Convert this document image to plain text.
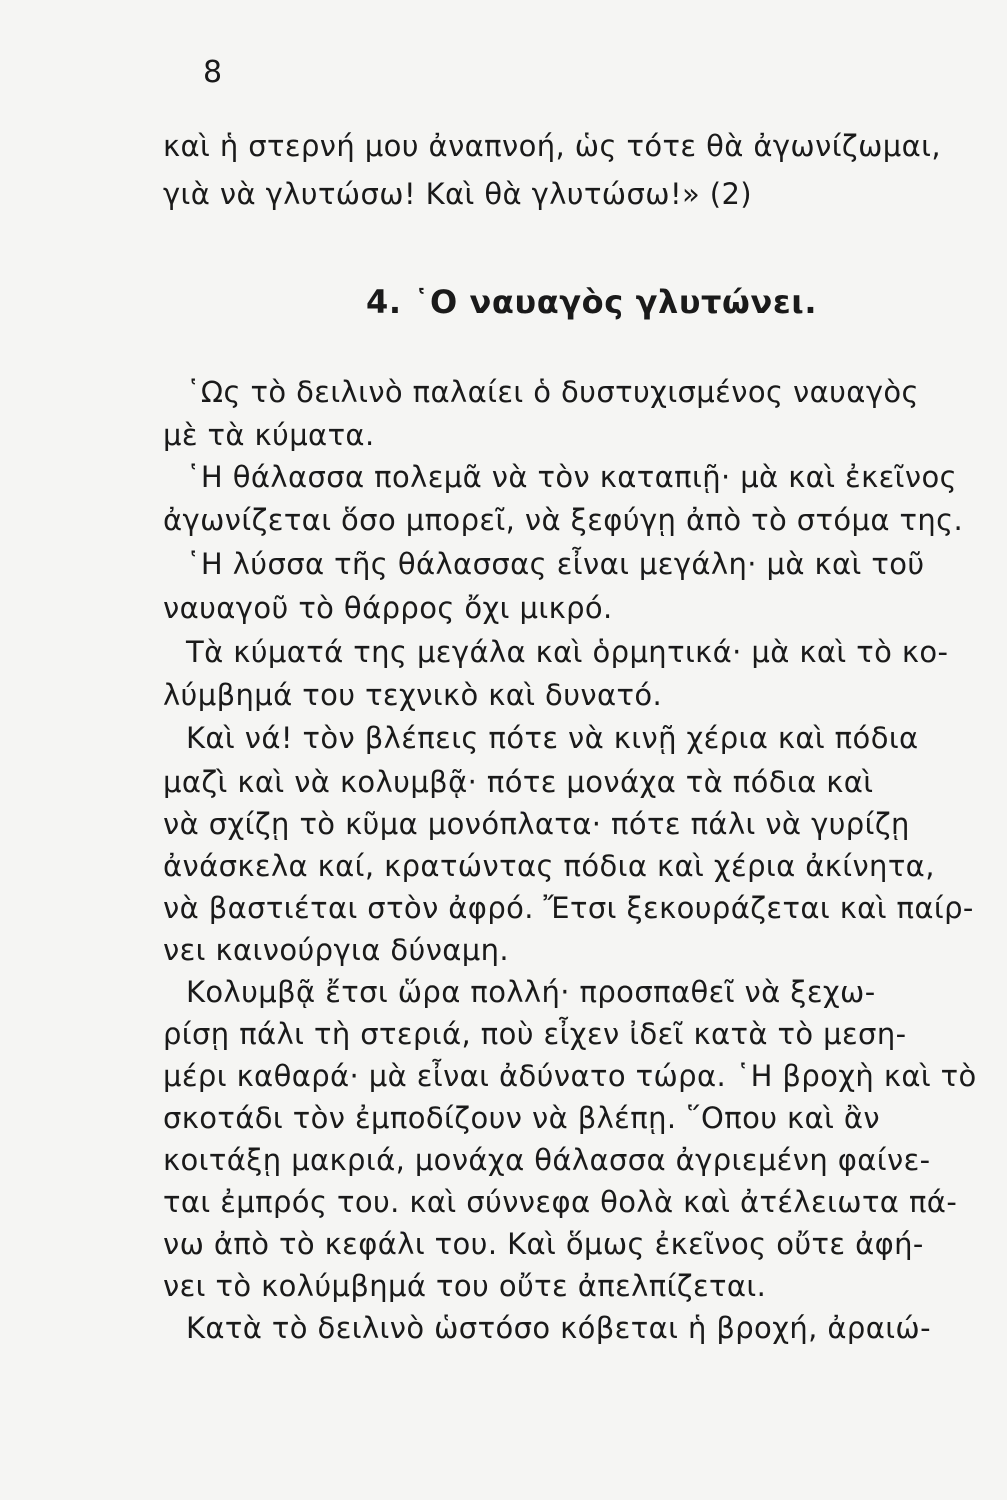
8
καὶ ἡ στερνή μου ἀναπνοή, ὡς τότε θὰ ἀγωνίζωμαι,
γιὰ νὰ γλυτώσω! Καὶ θὰ γλυτώσω!» (2)
4. ῾Ο ναυαγὸς γλυτώνει.
῾Ως τὸ δειλινὸ παλαίει ὁ δυστυχισμένος ναυαγὸς
μὲ τὰ κύματα.
῾Η θάλασσα πολεμᾶ νὰ τὸν καταπιῇ· μὰ καὶ ἐκεῖνος
ἀγωνίζεται ὅσο μπορεῖ, νὰ ξεφύγῃ ἀπὸ τὸ στόμα της.
῾Η λύσσα τῆς θάλασσας εἶναι μεγάλη· μὰ καὶ τοῦ
ναυαγοῦ τὸ θάρρος ὄχι μικρό.
Τὰ κύματά της μεγάλα καὶ ὁρμητικά· μὰ καὶ τὸ κο-
λύμβημά του τεχνικὸ καὶ δυνατό.
Καὶ νά! τὸν βλέπεις πότε νὰ κινῇ χέρια καὶ πόδια
μαζὶ καὶ νὰ κολυμβᾷ· πότε μονάχα τὰ πόδια καὶ
νὰ σχίζῃ τὸ κῦμα μονόπλατα· πότε πάλι νὰ γυρίζῃ
ἀνάσκελα καί, κρατώντας πόδια καὶ χέρια ἀκίνητα,
νὰ βαστιέται στὸν ἀφρό. Ἔτσι ξεκουράζεται καὶ παίρ-
νει καινούργια δύναμη.
Κολυμβᾷ ἔτσι ὥρα πολλή· προσπαθεῖ νὰ ξεχω-
ρίσῃ πάλι τὴ στεριά, ποὺ εἶχεν ἰδεῖ κατὰ τὸ μεση-
μέρι καθαρά· μὰ εἶναι ἀδύνατο τώρα. ῾Η βροχὴ καὶ τὸ
σκοτάδι τὸν ἐμποδίζουν νὰ βλέπῃ. ῞Οπου καὶ ἂν
κοιτάξῃ μακριά, μονάχα θάλασσα ἀγριεμένη φαίνε-
ται ἐμπρός του. καὶ σύννεφα θολὰ καὶ ἀτέλειωτα πά-
νω ἀπὸ τὸ κεφάλι του. Καὶ ὅμως ἐκεῖνος οὔτε ἀφή-
νει τὸ κολύμβημά του οὔτε ἀπελπίζεται.
Κατὰ τὸ δειλινὸ ὡστόσο κόβεται ἡ βροχή, ἀραιώ-
